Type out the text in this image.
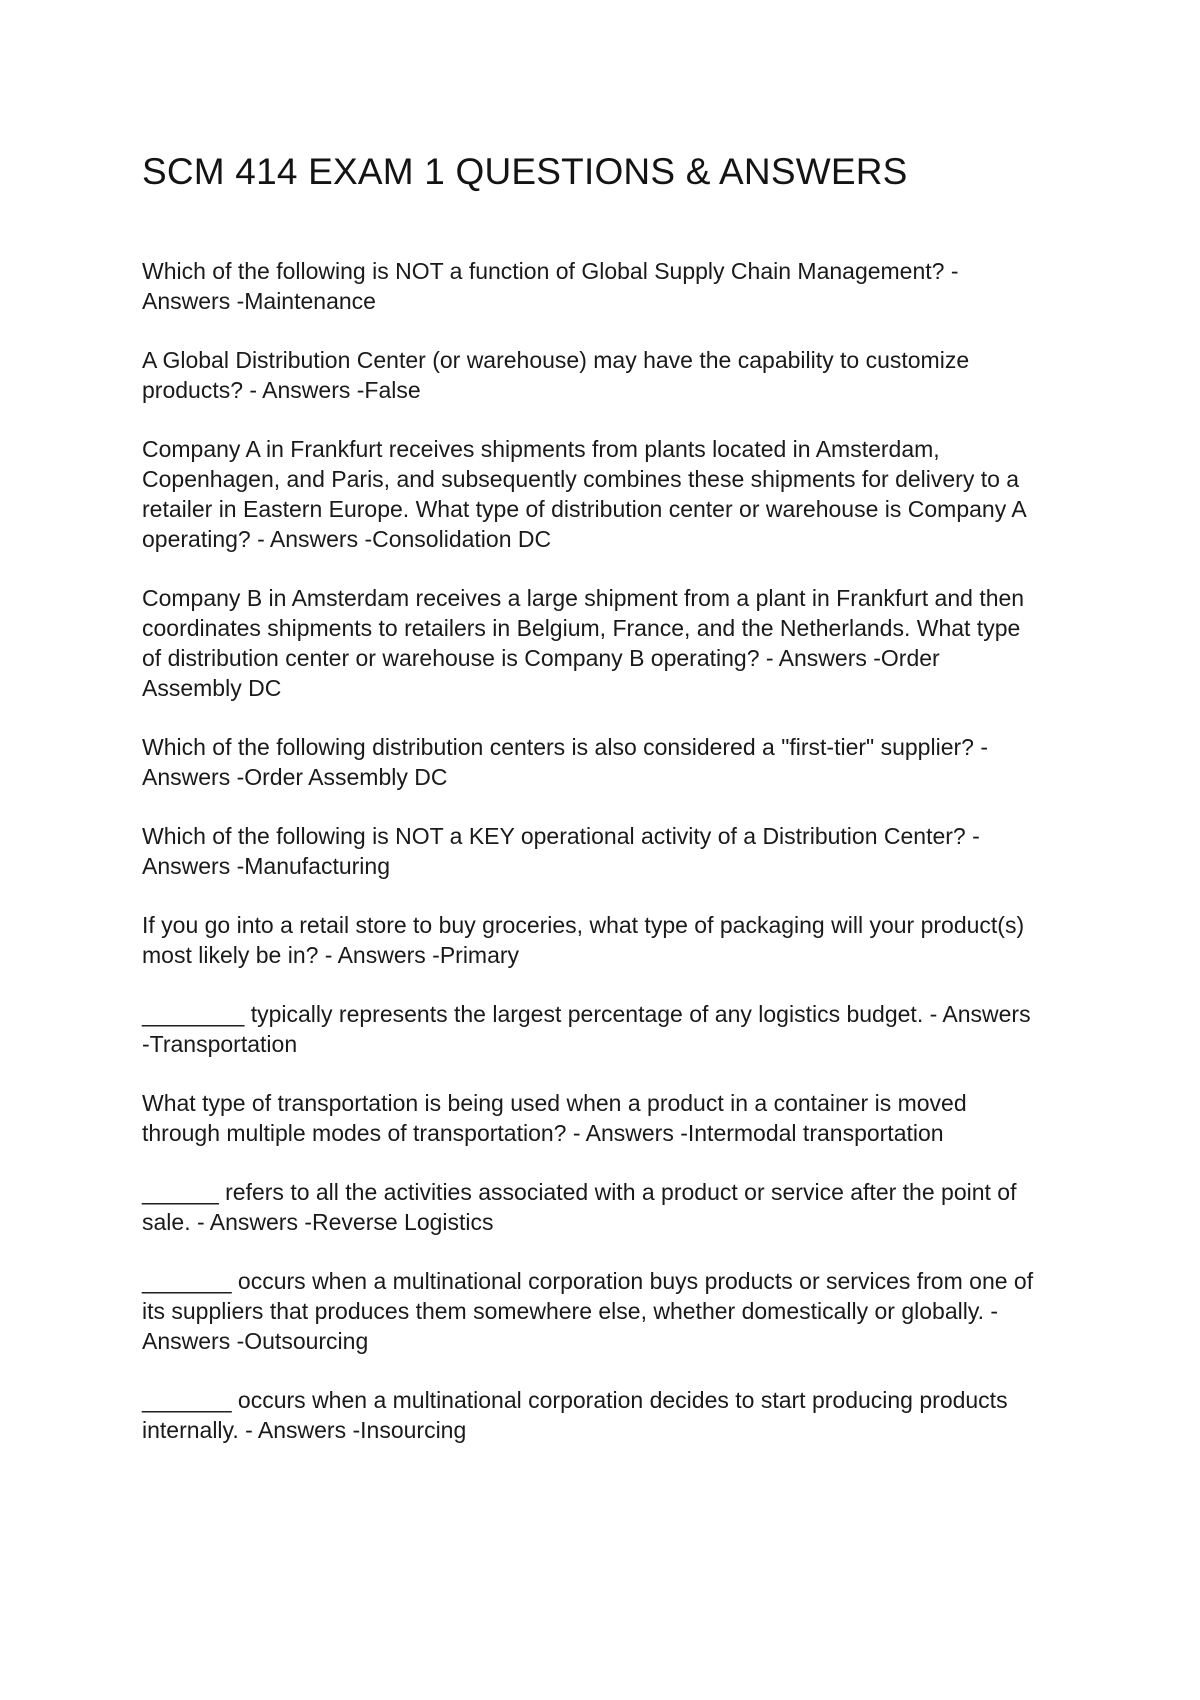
SCM 414 EXAM 1 QUESTIONS & ANSWERS
Which of the following is NOT a function of Global Supply Chain Management? -
Answers -Maintenance
A Global Distribution Center (or warehouse) may have the capability to customize
products? - Answers -False
Company A in Frankfurt receives shipments from plants located in Amsterdam,
Copenhagen, and Paris, and subsequently combines these shipments for delivery to a
retailer in Eastern Europe. What type of distribution center or warehouse is Company A
operating? - Answers -Consolidation DC
Company B in Amsterdam receives a large shipment from a plant in Frankfurt and then
coordinates shipments to retailers in Belgium, France, and the Netherlands. What type
of distribution center or warehouse is Company B operating? - Answers -Order
Assembly DC
Which of the following distribution centers is also considered a "first-tier" supplier? -
Answers -Order Assembly DC
Which of the following is NOT a KEY operational activity of a Distribution Center? -
Answers -Manufacturing
If you go into a retail store to buy groceries, what type of packaging will your product(s)
most likely be in? - Answers -Primary
________ typically represents the largest percentage of any logistics budget. - Answers
-Transportation
What type of transportation is being used when a product in a container is moved
through multiple modes of transportation? - Answers -Intermodal transportation
______ refers to all the activities associated with a product or service after the point of
sale. - Answers -Reverse Logistics
_______ occurs when a multinational corporation buys products or services from one of
its suppliers that produces them somewhere else, whether domestically or globally. -
Answers -Outsourcing
_______ occurs when a multinational corporation decides to start producing products
internally. - Answers -Insourcing
